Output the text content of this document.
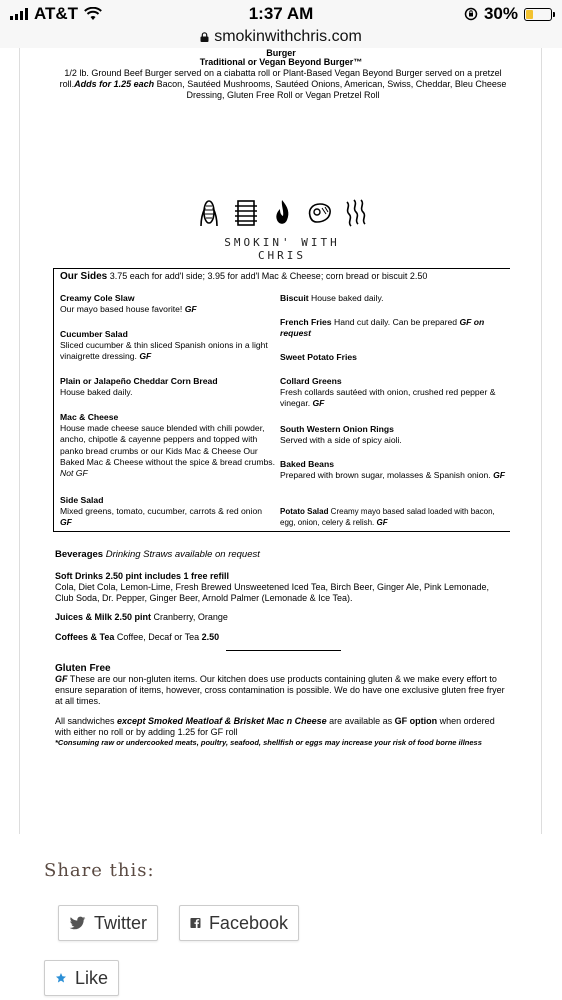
AT&T	1:37 AM	30%
smokinwithchris.com
Burger
Traditional or Vegan Beyond Burger™
1/2 lb. Ground Beef Burger served on a ciabatta roll or Plant-Based Vegan Beyond Burger served on a pretzel roll.Adds for 1.25 each Bacon, Sautéed Mushrooms, Sautéed Onions, American, Swiss, Cheddar, Bleu Cheese Dressing, Gluten Free Roll or Vegan Pretzel Roll
SMOKIN' WITH CHRIS
Our Sides 3.75 each for add'l side; 3.95 for add'l Mac & Cheese; corn bread or biscuit 2.50
Creamy Cole Slaw
Our mayo based house favorite! GF
Cucumber Salad
Sliced cucumber & thin sliced Spanish onions in a light vinaigrette dressing. GF
Plain or Jalapeño Cheddar Corn Bread
House baked daily.
Mac & Cheese
House made cheese sauce blended with chili powder, ancho, chipotle & cayenne peppers and topped with panko bread crumbs or our Kids Mac & Cheese Our Baked Mac & Cheese without the spice & bread crumbs. Not GF
Side Salad
Mixed greens, tomato, cucumber, carrots & red onion GF
Biscuit House baked daily.
French Fries Hand cut daily. Can be prepared GF on request
Sweet Potato Fries
Collard Greens
Fresh collards sautéed with onion, crushed red pepper & vinegar. GF
South Western Onion Rings
Served with a side of spicy aioli.
Baked Beans
Prepared with brown sugar, molasses & Spanish onion. GF
Potato Salad Creamy mayo based salad loaded with bacon, egg, onion, celery & relish. GF
Beverages Drinking Straws available on request
Soft Drinks 2.50 pint includes 1 free refill
Cola, Diet Cola, Lemon-Lime, Fresh Brewed Unsweetened Iced Tea, Birch Beer, Ginger Ale, Pink Lemonade, Club Soda, Dr. Pepper, Ginger Beer, Arnold Palmer (Lemonade & Ice Tea).
Juices & Milk 2.50 pint Cranberry, Orange
Coffees & Tea Coffee, Decaf or Tea 2.50
Gluten Free
GF These are our non-gluten items. Our kitchen does use products containing gluten & we make every effort to ensure separation of items, however, cross contamination is possible. We do have one exclusive gluten free fryer at all times.
All sandwiches except Smoked Meatloaf & Brisket Mac n Cheese are available as GF option when ordered with either no roll or by adding 1.25 for GF roll
*Consuming raw or undercooked meats, poultry, seafood, shellfish or eggs may increase your risk of food borne illness
Share this:
Twitter	Facebook
Like
